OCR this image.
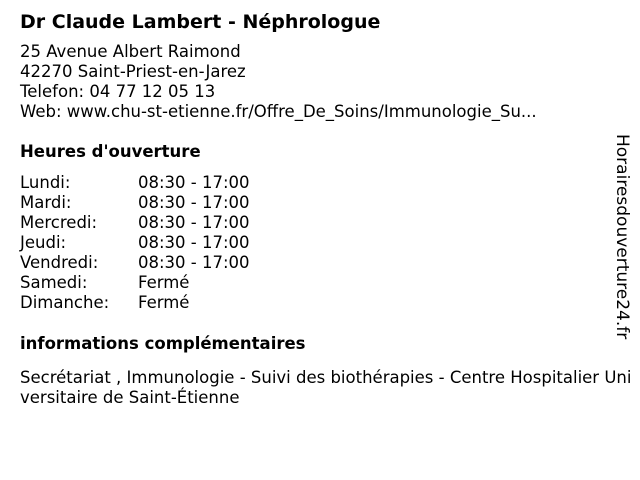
Dr Claude Lambert - Néphrologue
25 Avenue Albert Raimond
42270 Saint-Priest-en-Jarez
Telefon: 04 77 12 05 13
Web: www.chu-st-etienne.fr/Offre_De_Soins/Immunologie_Su...
Heures d'ouverture
Lundi:	08:30 - 17:00
Mardi:	08:30 - 17:00
Mercredi:	08:30 - 17:00
Jeudi:	08:30 - 17:00
Vendredi:	08:30 - 17:00
Samedi:	Fermé
Dimanche:	Fermé
informations complémentaires
Secrétariat , Immunologie - Suivi des biothérapies - Centre Hospitalier Universitaire de Saint-Étienne
Horairesdouverture24.fr
